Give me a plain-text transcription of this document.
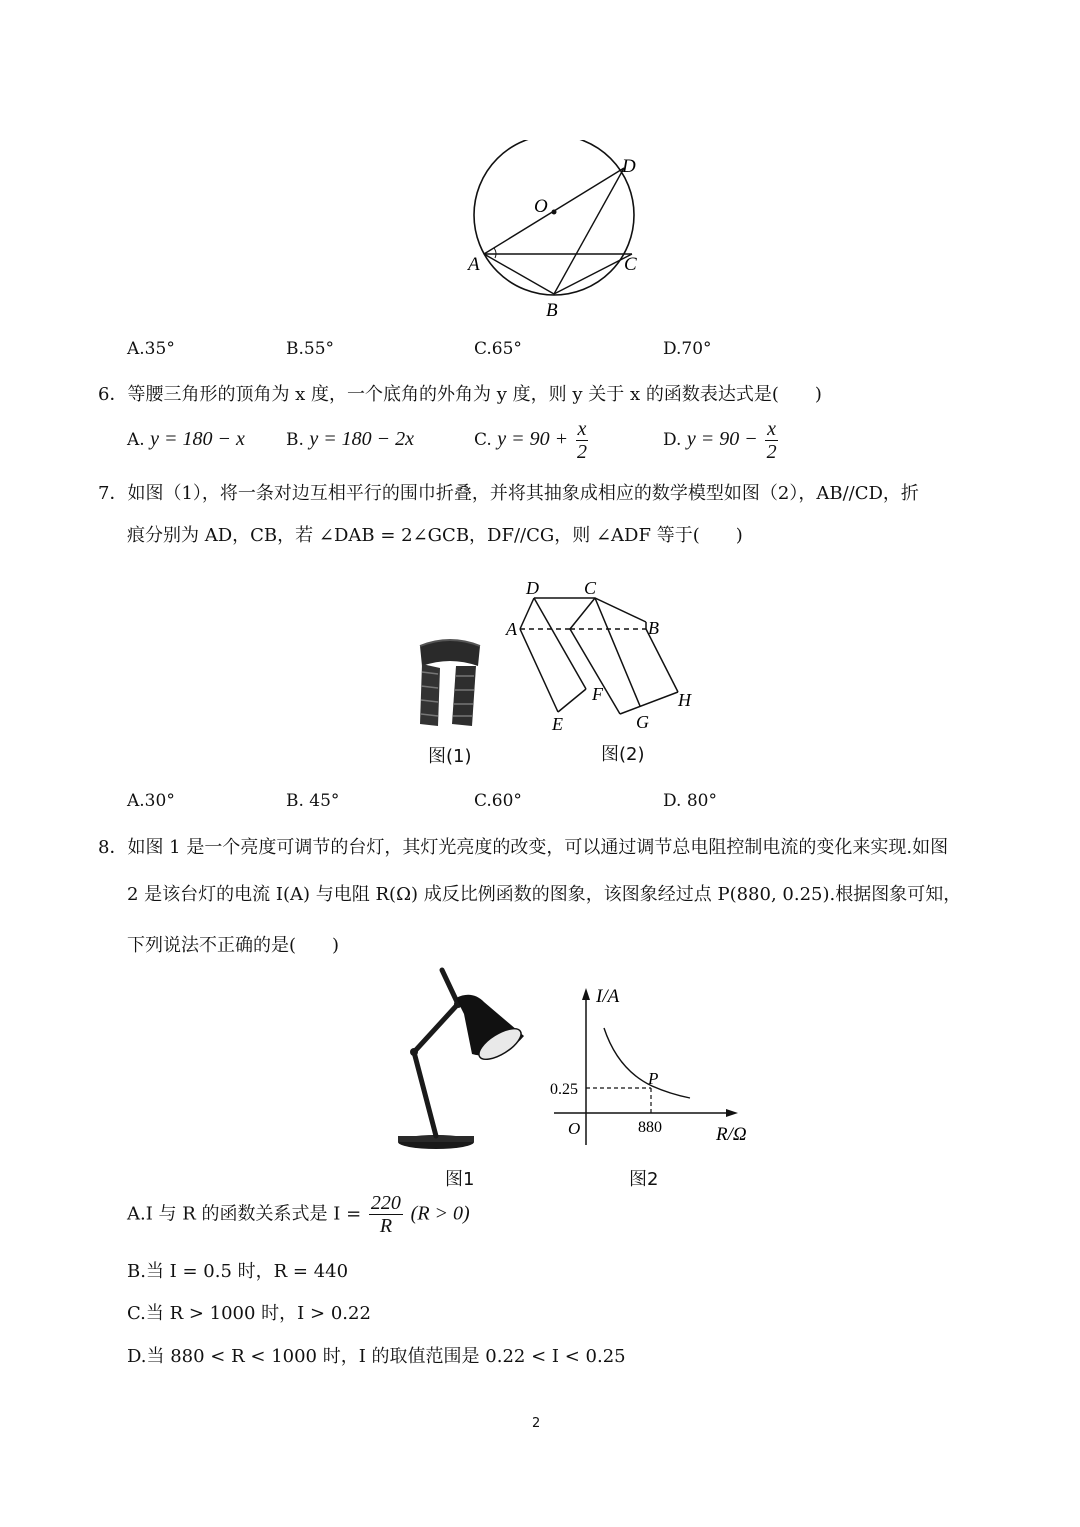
O
D
A	C
B
A.35°	B.55°	C.65°	D.70°
6．等腰三角形的顶角为 x 度，一个底角的外角为 y 度，则 y 关于 x 的函数表达式是(　　)
A. y = 180 − x B. y = 180 − 2x	C. $y = 90 + \frac{x}{2}$	D. $y = 90 - \frac{x}{2}$
7．如图（1），将一条对边互相平行的围巾折叠，并将其抽象成相应的数学模型如图（2），AB//CD，折
痕分别为 AD，CB，若 ∠DAB = 2∠GCB，DF//CG，则 ∠ADF 等于(　　)
D	C
A	B
F
E	G
H
图(1)	图(2)
A.30°	B. 45°	C.60°	D. 80°
8．如图 1 是一个亮度可调节的台灯，其灯光亮度的改变，可以通过调节总电阻控制电流的变化来实现.如图
2 是该台灯的电流 I(A) 与电阻 R(Ω) 成反比例函数的图象，该图象经过点 P(880, 0.25).根据图象可知，
下列说法不正确的是(　　)
I/A
R/Ω
O
0.25
880
P
图1	图2
A.I 与 R 的函数关系式是 $I = \frac{220}{R} (R > 0)$
B.当 I = 0.5 时，R = 440
C.当 R > 1000 时，I > 0.22
D.当 880 < R < 1000 时，I 的取值范围是 0.22 < I < 0.25
2
